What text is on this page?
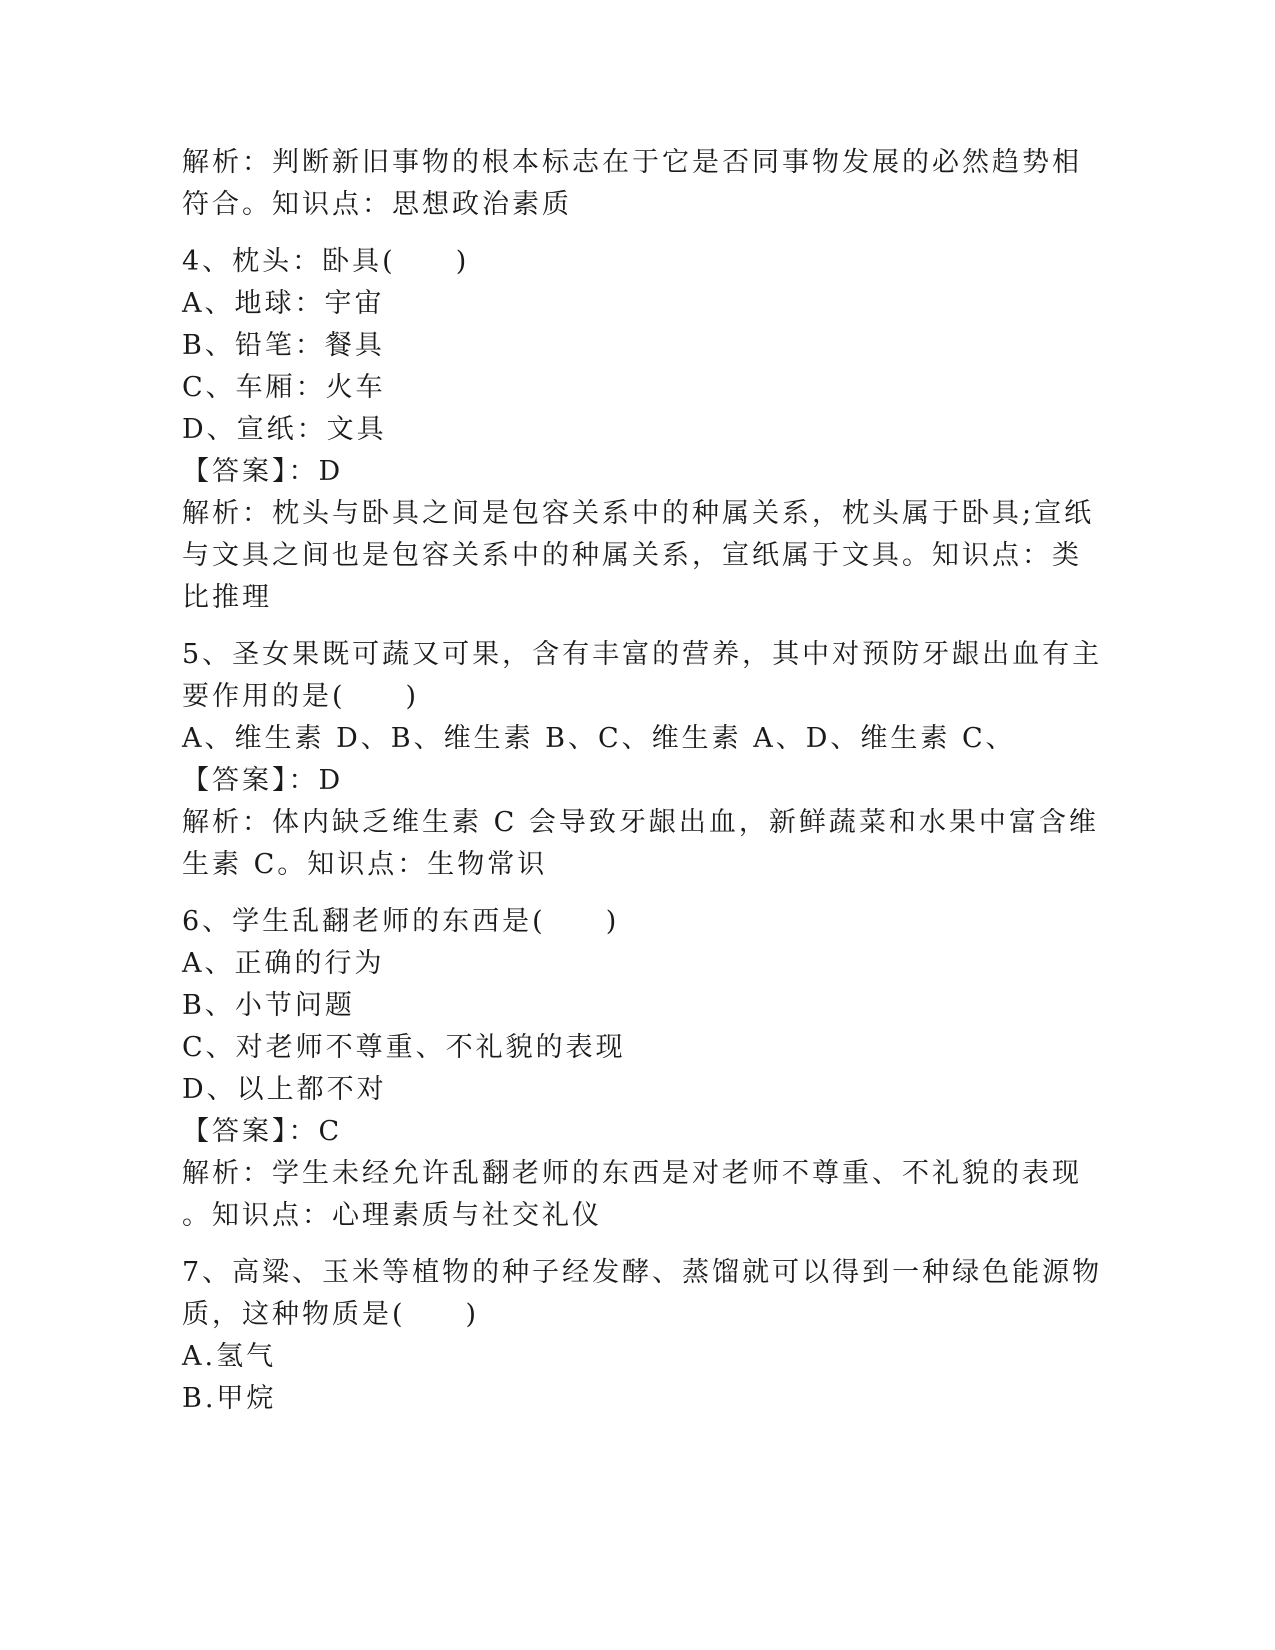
解析：判断新旧事物的根本标志在于它是否同事物发展的必然趋势相
符合。知识点：思想政治素质
4、枕头：卧具(　　)
A、地球：宇宙
B、铅笔：餐具
C、车厢：火车
D、宣纸：文具
【答案】：D
解析：枕头与卧具之间是包容关系中的种属关系，枕头属于卧具;宣纸
与文具之间也是包容关系中的种属关系，宣纸属于文具。知识点：类
比推理
5、圣女果既可蔬又可果，含有丰富的营养，其中对预防牙龈出血有主
要作用的是(　　)
A、维生素 D、B、维生素 B、C、维生素 A、D、维生素 C、
【答案】：D
解析：体内缺乏维生素 C 会导致牙龈出血，新鲜蔬菜和水果中富含维
生素 C。知识点：生物常识
6、学生乱翻老师的东西是(　　)
A、正确的行为
B、小节问题
C、对老师不尊重、不礼貌的表现
D、以上都不对
【答案】：C
解析：学生未经允许乱翻老师的东西是对老师不尊重、不礼貌的表现
。知识点：心理素质与社交礼仪
7、高粱、玉米等植物的种子经发酵、蒸馏就可以得到一种绿色能源物
质，这种物质是(　　)
A.氢气
B.甲烷
